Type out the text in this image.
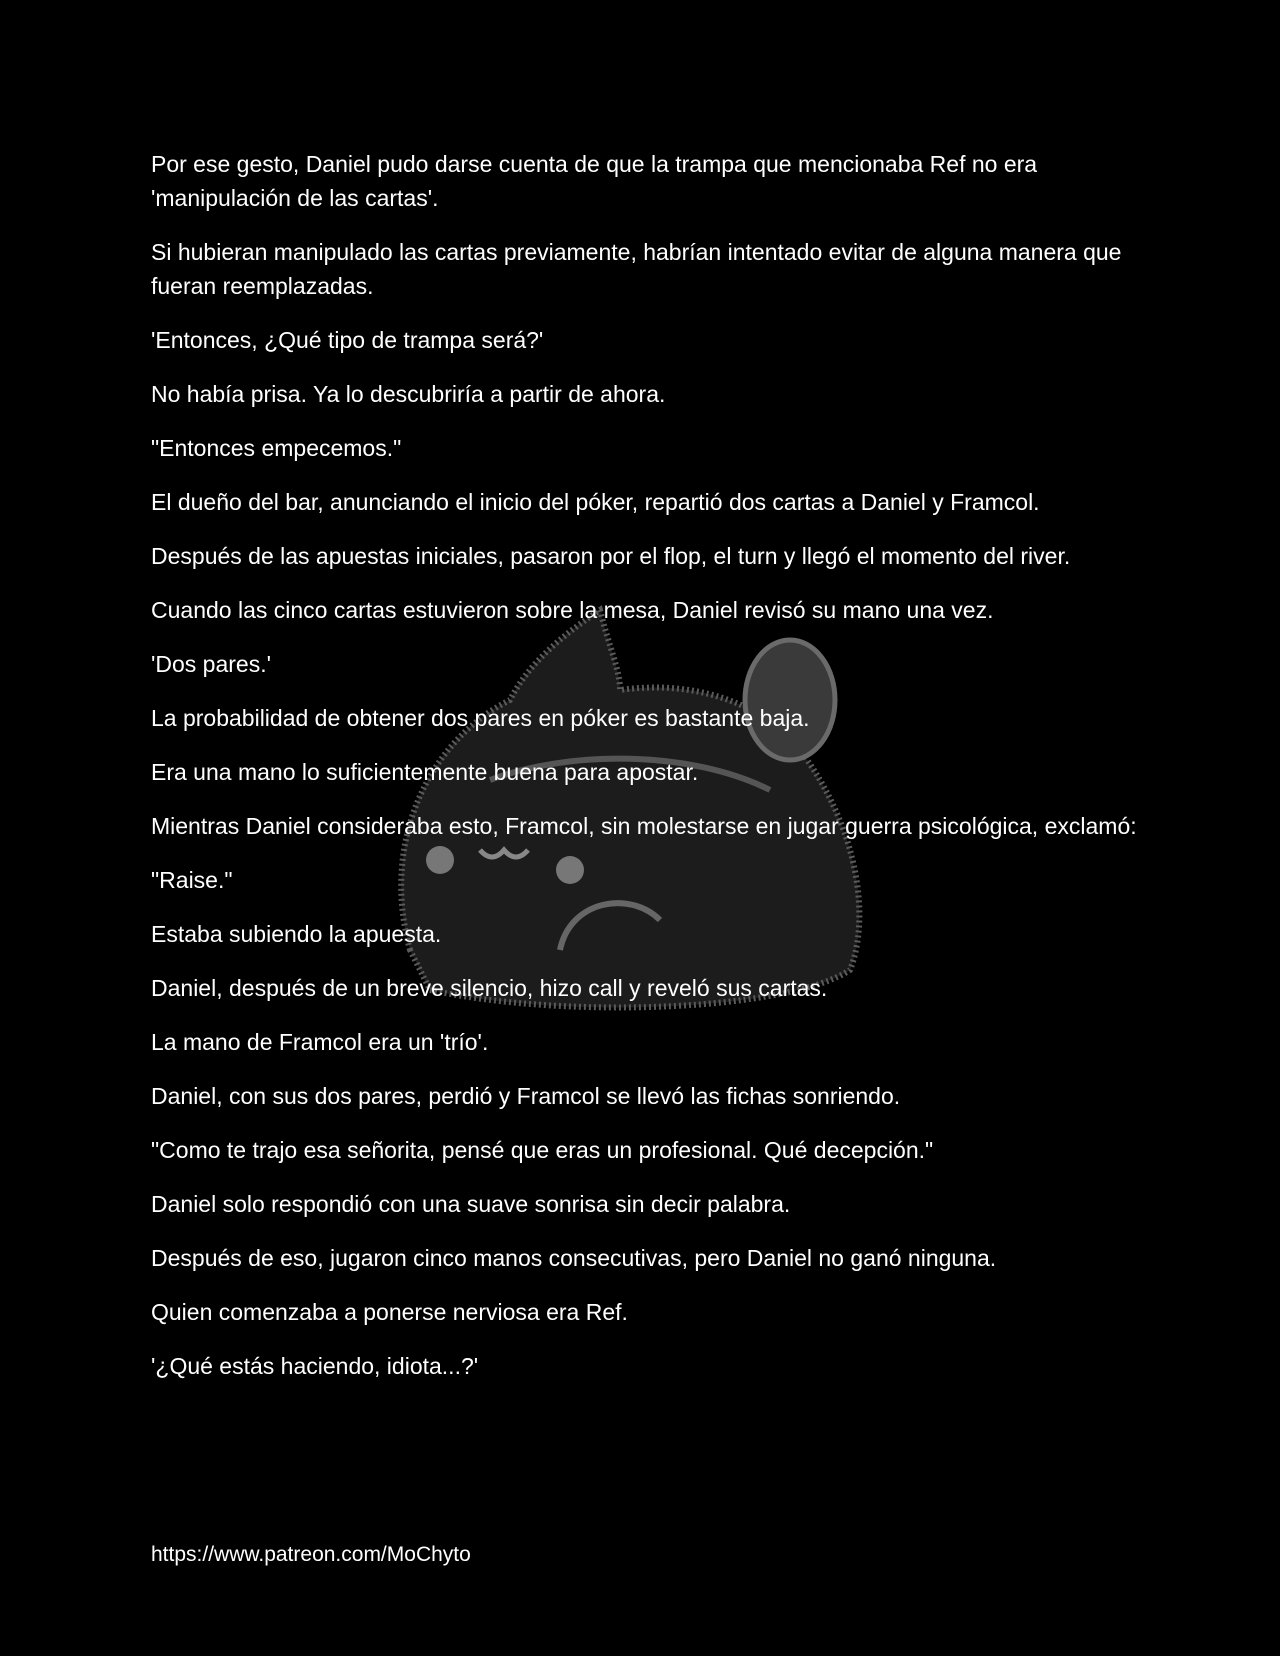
Por ese gesto, Daniel pudo darse cuenta de que la trampa que mencionaba Ref no era 'manipulación de las cartas'.

Si hubieran manipulado las cartas previamente, habrían intentado evitar de alguna manera que fueran reemplazadas.

'Entonces, ¿Qué tipo de trampa será?'

No había prisa. Ya lo descubriría a partir de ahora.

"Entonces empecemos."

El dueño del bar, anunciando el inicio del póker, repartió dos cartas a Daniel y Framcol.

Después de las apuestas iniciales, pasaron por el flop, el turn y llegó el momento del river.

Cuando las cinco cartas estuvieron sobre la mesa, Daniel revisó su mano una vez.

'Dos pares.'

La probabilidad de obtener dos pares en póker es bastante baja.

Era una mano lo suficientemente buena para apostar.

Mientras Daniel consideraba esto, Framcol, sin molestarse en jugar guerra psicológica, exclamó:

"Raise."

Estaba subiendo la apuesta.

Daniel, después de un breve silencio, hizo call y reveló sus cartas.

La mano de Framcol era un 'trío'.

Daniel, con sus dos pares, perdió y Framcol se llevó las fichas sonriendo.

"Como te trajo esa señorita, pensé que eras un profesional. Qué decepción."

Daniel solo respondió con una suave sonrisa sin decir palabra.

Después de eso, jugaron cinco manos consecutivas, pero Daniel no ganó ninguna.

Quien comenzaba a ponerse nerviosa era Ref.

'¿Qué estás haciendo, idiota...?'

https://www.patreon.com/MoChyto
